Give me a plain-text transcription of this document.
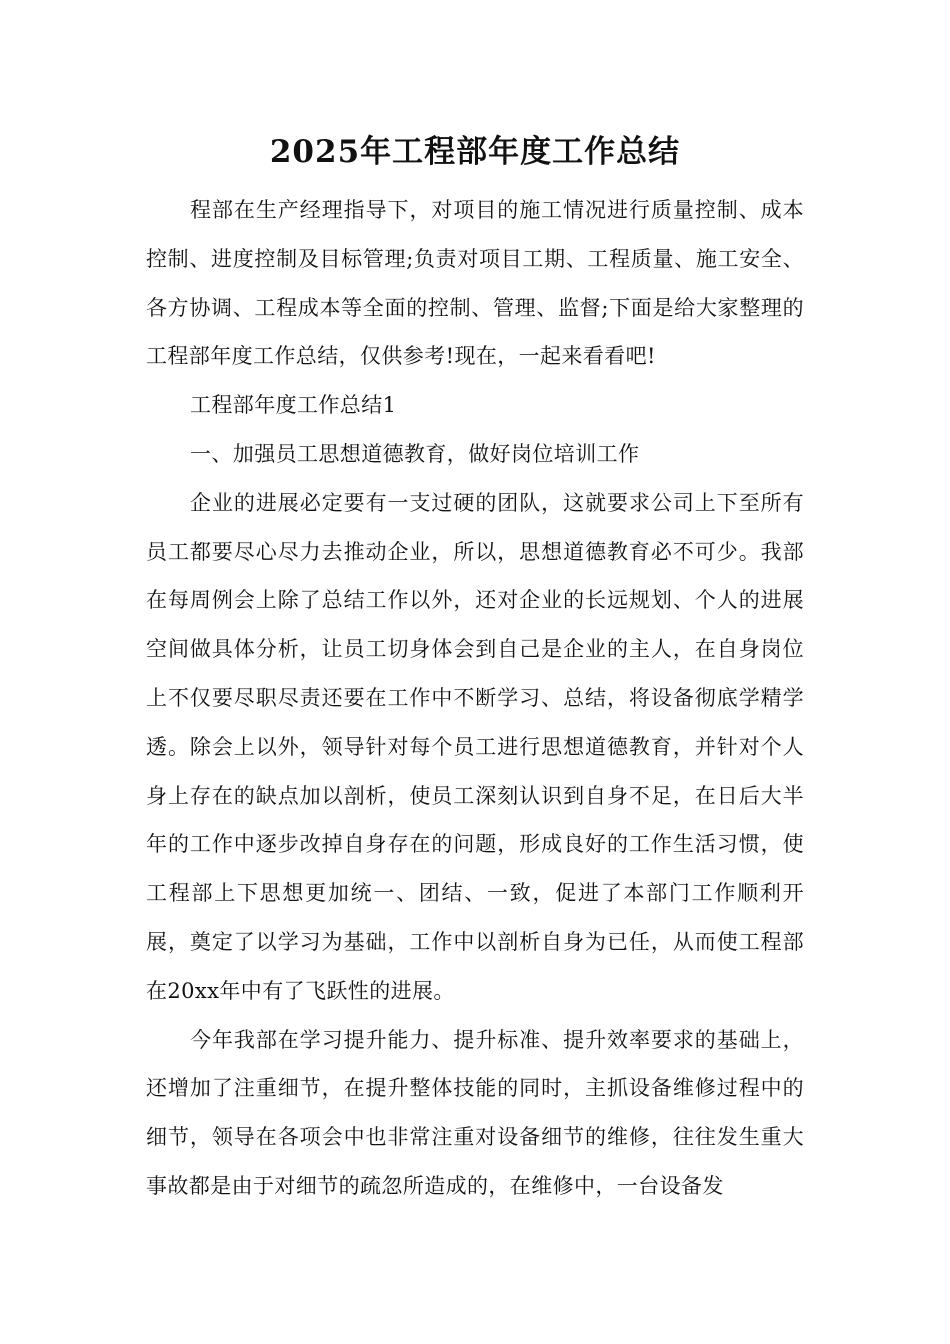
2025年工程部年度工作总结

程部在生产经理指导下，对项目的施工情况进行质量控制、成本控制、进度控制及目标管理;负责对项目工期、工程质量、施工安全、各方协调、工程成本等全面的控制、管理、监督;下面是给大家整理的工程部年度工作总结，仅供参考!现在，一起来看看吧!

工程部年度工作总结1

一、加强员工思想道德教育，做好岗位培训工作

企业的进展必定要有一支过硬的团队，这就要求公司上下至所有员工都要尽心尽力去推动企业，所以，思想道德教育必不可少。我部在每周例会上除了总结工作以外，还对企业的长远规划、个人的进展空间做具体分析，让员工切身体会到自己是企业的主人，在自身岗位上不仅要尽职尽责还要在工作中不断学习、总结，将设备彻底学精学透。除会上以外，领导针对每个员工进行思想道德教育，并针对个人身上存在的缺点加以剖析，使员工深刻认识到自身不足，在日后大半年的工作中逐步改掉自身存在的问题，形成良好的工作生活习惯，使工程部上下思想更加统一、团结、一致，促进了本部门工作顺利开展，奠定了以学习为基础，工作中以剖析自身为已任，从而使工程部在20xx年中有了飞跃性的进展。

今年我部在学习提升能力、提升标准、提升效率要求的基础上，还增加了注重细节，在提升整体技能的同时，主抓设备维修过程中的细节，领导在各项会中也非常注重对设备细节的维修，往往发生重大事故都是由于对细节的疏忽所造成的，在维修中，一台设备发
